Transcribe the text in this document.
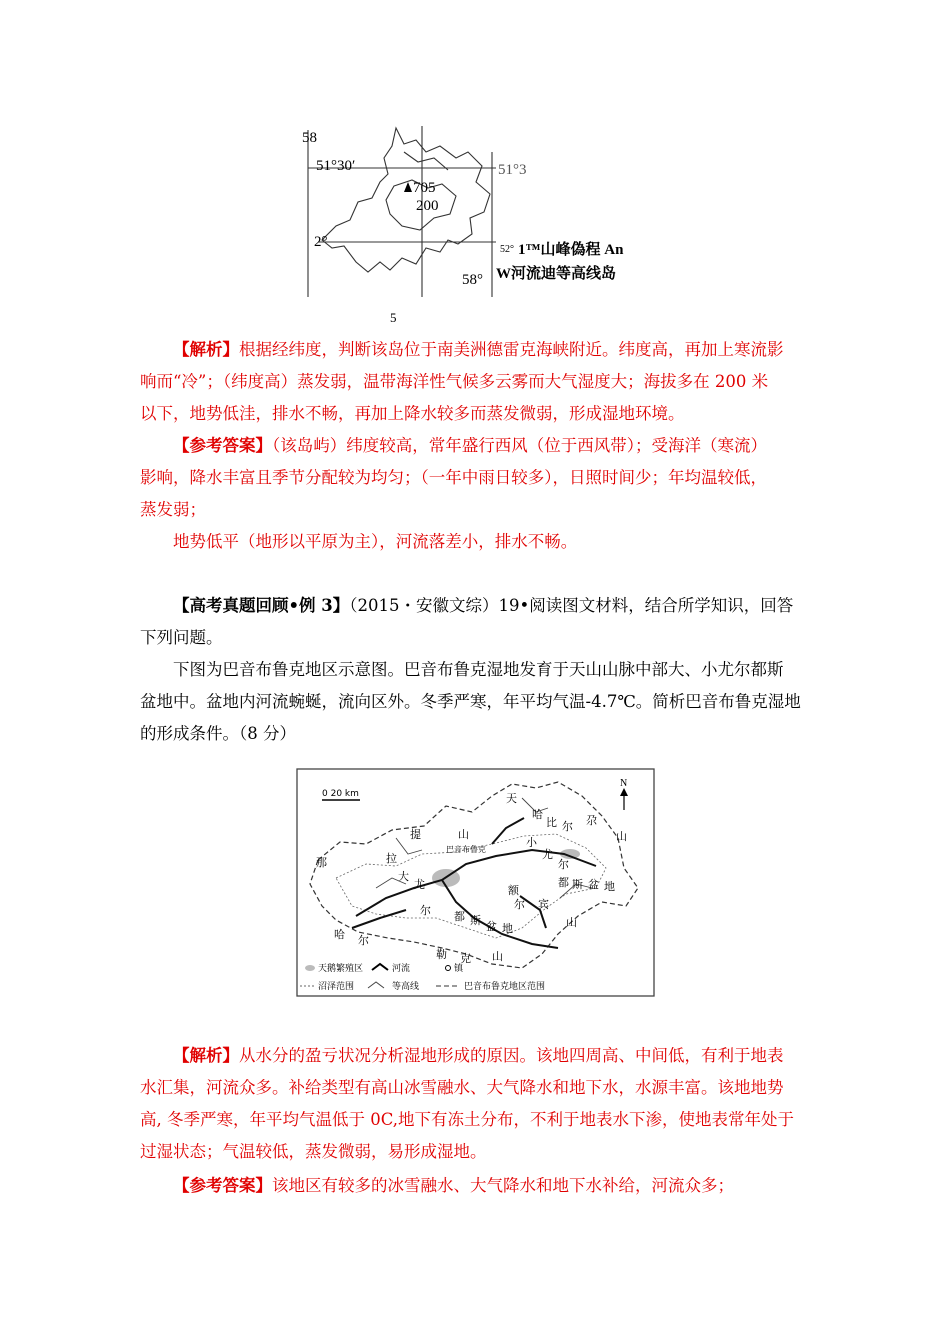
58
51°30′	51°3
705
200
2°	52° 1™山峰偽程 An
58° W河流迪等高线岛
5

【解析】根据经纬度，判断该岛位于南美洲德雷克海峡附近。纬度高，再加上寒流影

响而“冷”；（纬度高）蒸发弱，温带海洋性气候多云雾而大气湿度大；海拔多在 200 米

以下，地势低洼，排水不畅，再加上降水较多而蒸发微弱，形成湿地环境。

【参考答案】（该岛屿）纬度较高，常年盛行西风（位于西风带）；受海洋（寒流）

影响，降水丰富且季节分配较为均匀；（一年中雨日较多），日照时间少；年均温较低，

蒸发弱；

地势低平（地形以平原为主），河流落差小，排水不畅。

【高考真题回顾•例 3】（2015・安徽文综）19•阅读图文材料，结合所学知识，回答

下列问题。

下图为巴音布鲁克地区示意图。巴音布鲁克湿地发育于天山山脉中部大、小尤尔都斯

盆地中。盆地内河流蜿蜒，流向区外。冬季严寒，年平均气温-4.7℃。简析巴音布鲁克湿地

的形成条件。（8 分）

0 20 km
N
天
山
哈
比 尔 尕
山
提
拉
巴音布鲁克
小
尤
尔
那
大
尤
尔
都 斯 盆 地
都 斯 盆 地
额
尔 宾
山
哈 尔
勒 克 山
天鹅繁殖区	河流	镇
沼泽范围	等高线	巴音布鲁克地区范围

【解析】从水分的盈亏状况分析湿地形成的原因。该地四周高、中间低，有利于地表

水汇集，河流众多。补给类型有高山冰雪融水、大气降水和地下水，水源丰富。该地地势

高, 冬季严寒，年平均气温低于 0C,地下有冻土分布，不利于地表水下渗，使地表常年处于

过湿状态；气温较低，蒸发微弱，易形成湿地。

【参考答案】该地区有较多的冰雪融水、大气降水和地下水补给，河流众多；
